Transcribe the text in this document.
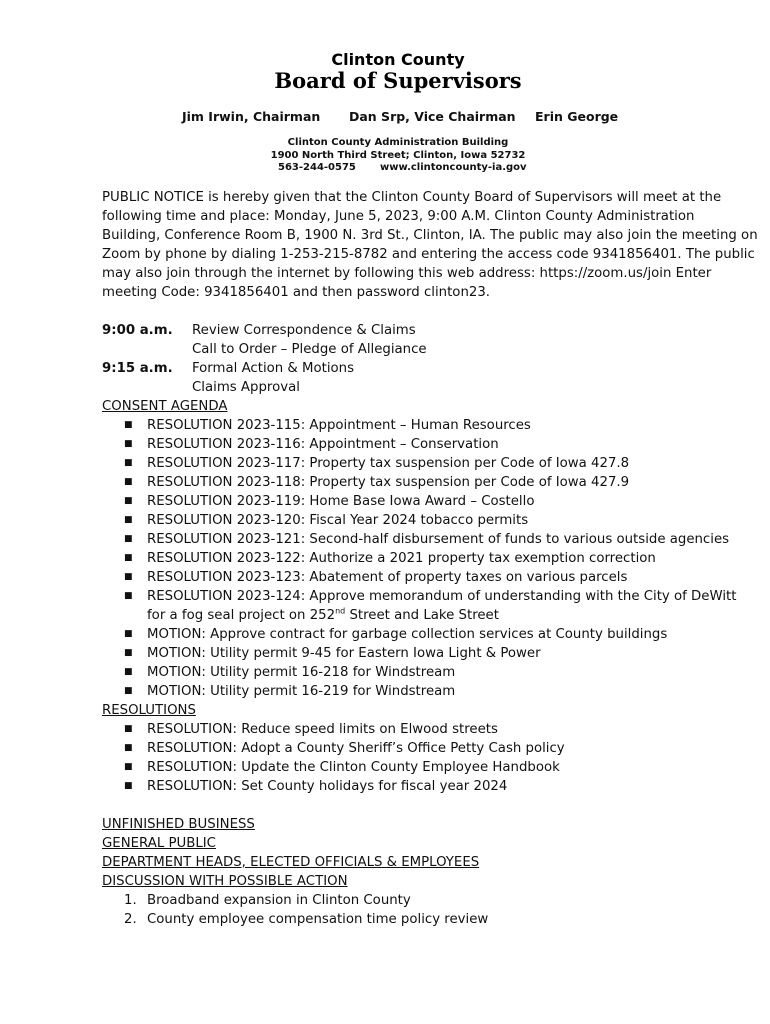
Clinton County
Board of Supervisors
Jim Irwin, Chairman Dan Srp, Vice Chairman Erin George
Clinton County Administration Building
1900 North Third Street; Clinton, Iowa 52732
563-244-0575 www.clintoncounty-ia.gov
PUBLIC NOTICE is hereby given that the Clinton County Board of Supervisors will meet at the
following time and place: Monday, June 5, 2023, 9:00 A.M. Clinton County Administration
Building, Conference Room B, 1900 N. 3rd St., Clinton, IA. The public may also join the meeting on
Zoom by phone by dialing 1-253-215-8782 and entering the access code 9341856401. The public
may also join through the internet by following this web address: https://zoom.us/join Enter
meeting Code: 9341856401 and then password clinton23.
9:00 a.m. Review Correspondence & Claims
Call to Order – Pledge of Allegiance
9:15 a.m. Formal Action & Motions
Claims Approval
CONSENT AGENDA
■ RESOLUTION 2023-115: Appointment – Human Resources
■ RESOLUTION 2023-116: Appointment – Conservation
■ RESOLUTION 2023-117: Property tax suspension per Code of Iowa 427.8
■ RESOLUTION 2023-118: Property tax suspension per Code of Iowa 427.9
■ RESOLUTION 2023-119: Home Base Iowa Award – Costello
■ RESOLUTION 2023-120: Fiscal Year 2024 tobacco permits
■ RESOLUTION 2023-121: Second-half disbursement of funds to various outside agencies
■ RESOLUTION 2023-122: Authorize a 2021 property tax exemption correction
■ RESOLUTION 2023-123: Abatement of property taxes on various parcels
■ RESOLUTION 2023-124: Approve memorandum of understanding with the City of DeWitt
for a fog seal project on 252nd Street and Lake Street
■ MOTION: Approve contract for garbage collection services at County buildings
■ MOTION: Utility permit 9-45 for Eastern Iowa Light & Power
■ MOTION: Utility permit 16-218 for Windstream
■ MOTION: Utility permit 16-219 for Windstream
RESOLUTIONS
■ RESOLUTION: Reduce speed limits on Elwood streets
■ RESOLUTION: Adopt a County Sheriff’s Office Petty Cash policy
■ RESOLUTION: Update the Clinton County Employee Handbook
■ RESOLUTION: Set County holidays for fiscal year 2024
UNFINISHED BUSINESS
GENERAL PUBLIC
DEPARTMENT HEADS, ELECTED OFFICIALS & EMPLOYEES
DISCUSSION WITH POSSIBLE ACTION
1. Broadband expansion in Clinton County
2. County employee compensation time policy review
